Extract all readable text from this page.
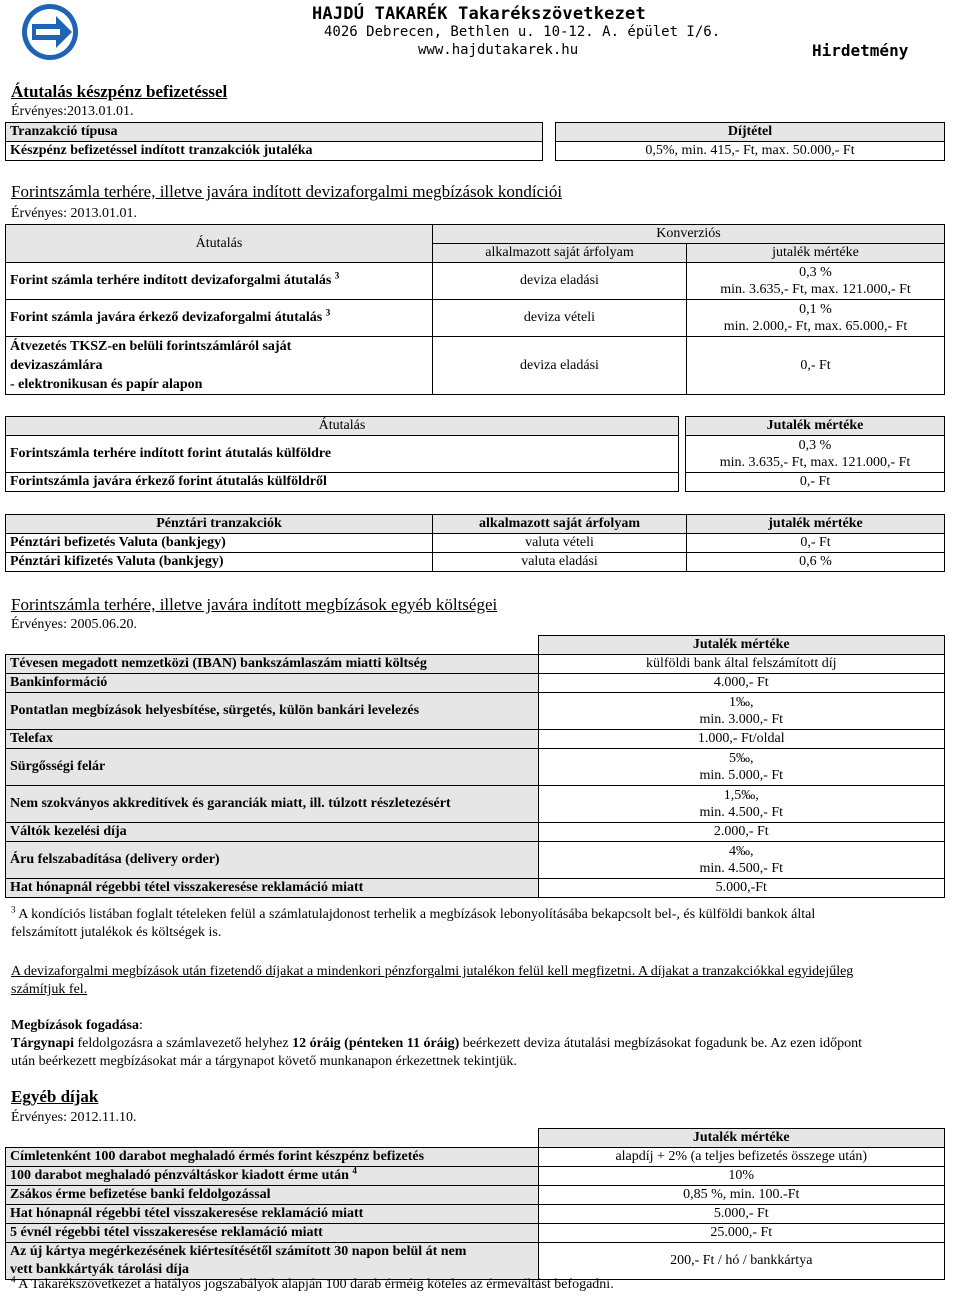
HAJDÚ TAKARÉK Takarékszövetkezet
4026 Debrecen, Bethlen u. 10-12. A. épület I/6.
www.hajdutakarek.hu	Hirdetmény
Átutalás készpénz befizetéssel
Érvényes:2013.01.01.
Tranzakció típusa		Díjtétel
Készpénz befizetéssel indított tranzakciók jutaléka		0,5%, min. 415,- Ft, max. 50.000,- Ft
Forintszámla terhére, illetve javára indított devizaforgalmi megbízások kondíciói
Érvényes: 2013.01.01.
Átutalás	Konverziós	
	alkalmazott saját árfolyam	jutalék mértéke
Forint számla terhére indított devizaforgalmi átutalás $^3$	deviza eladási	0,3 %
min. 3.635,- Ft, max. 121.000,- Ft

Forint számla javára érkező devizaforgalmi átutalás $^3$	deviza vételi	0,1 %
min. 2.000,- Ft, max. 65.000,- Ft

Átvezetés TKSZ-en belüli forintszámláról saját
devizaszámlára
- elektronikusan és papír alapon	deviza eladási	0,- Ft
Átutalás		Jutalék mértéke
Forintszámla terhére indított forint átutalás külföldre		0,3 %
min. 3.635,- Ft, max. 121.000,- Ft

Forintszámla javára érkező forint átutalás külföldről		0,- Ft
Pénztári tranzakciók	alkalmazott saját árfolyam	jutalék mértéke
Pénztári befizetés Valuta (bankjegy)	valuta vételi	0,- Ft
Pénztári kifizetés Valuta (bankjegy)	valuta eladási	0,6 %
Forintszámla terhére, illetve javára indított megbízások egyéb költségei
Érvényes: 2005.06.20.
	Jutalék mértéke
Tévesen megadott nemzetközi (IBAN) bankszámlaszám miatti költség	külföldi bank által felszámított díj
Bankinformáció	4.000,- Ft
Pontatlan megbízások helyesbítése, sürgetés, külön bankári levelezés	1‰,
min. 3.000,- Ft

Telefax	1.000,- Ft/oldal
Sürgősségi felár	5‰,
min. 5.000,- Ft

Nem szokványos akkreditívek és garanciák miatt, ill. túlzott részletezésért	1,5‰,
min. 4.500,- Ft

Váltók kezelési díja	2.000,- Ft
Áru felszabadítása (delivery order)	4‰,
min. 4.500,- Ft

Hat hónapnál régebbi tétel visszakeresése reklamáció miatt	5.000,-Ft
$^3$ A kondíciós listában foglalt tételeken felül a számlatulajdonost terhelik a megbízások lebonyolításába bekapcsolt bel-, és külföldi bankok által
felszámított jutalékok és költségek is.
A devizaforgalmi megbízások után fizetendő díjakat a mindenkori pénzforgalmi jutalékon felül kell megfizetni. A díjakat a tranzakciókkal egyidejűleg
számítjuk fel.
Megbízások fogadása:
Tárgynapi feldolgozásra a számlavezető helyhez 12 óráig (pénteken 11 óráig) beérkezett deviza átutalási megbízásokat fogadunk be. Az ezen időpont
után beérkezett megbízásokat már a tárgynapot követő munkanapon érkezettnek tekintjük.
Egyéb díjak
Érvényes: 2012.11.10.
	Jutalék mértéke
Címletenként 100 darabot meghaladó érmés forint készpénz befizetés	alapdíj + 2% (a teljes befizetés összege után)
100 darabot meghaladó pénzváltáskor kiadott érme után $^4$	10%
Zsákos érme befizetése banki feldolgozással	0,85 %, min. 100.-Ft
Hat hónapnál régebbi tétel visszakeresése reklamáció miatt	5.000,- Ft
5 évnél régebbi tétel visszakeresése reklamáció miatt	25.000,- Ft

Az új kártya megérkezésének kiértesítésétől számított 30 napon belül át nem
vett bankkártyák tárolási díja	200,- Ft / hó / bankkártya
$^4$ A Takarékszövetkezet a hatályos jogszabályok alapján 100 darab érméig köteles az érmeváltást befogadni.
